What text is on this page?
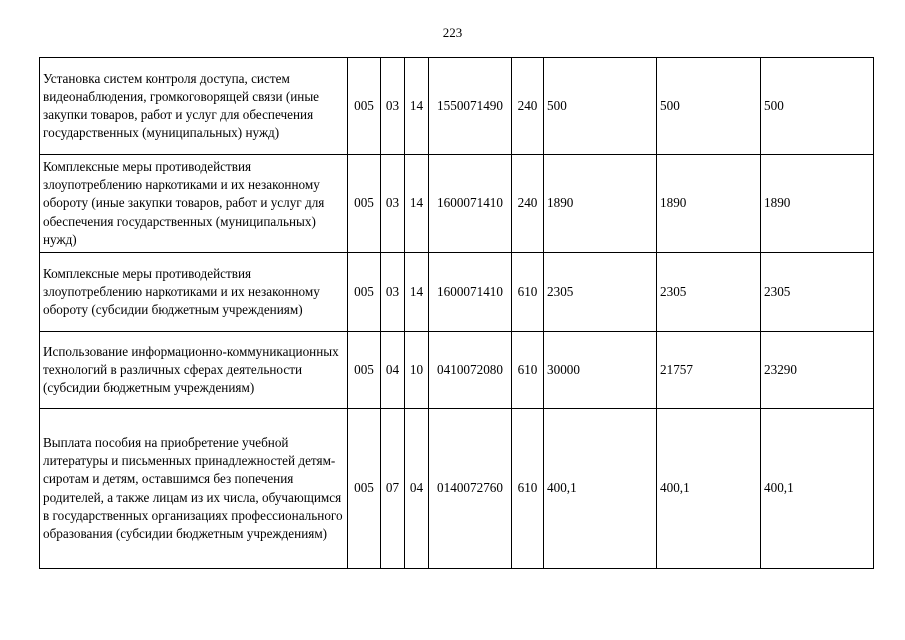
223
Установка систем контроля доступа, систем видеонаблюдения, громкоговорящей связи (иные закупки товаров, работ и услуг для обеспечения государственных (муниципальных) нужд)	005	03	14	1550071490	240	500	500	500
Комплексные меры противодействия злоупотреблению наркотиками и их незаконному обороту (иные закупки товаров, работ и услуг для обеспечения государственных (муниципальных) нужд)	005	03	14	1600071410	240	1890	1890	1890
Комплексные меры противодействия злоупотреблению наркотиками и их незаконному обороту (субсидии бюджетным учреждениям)	005	03	14	1600071410	610	2305	2305	2305
Использование информационно-коммуникационных технологий в различных сферах деятельности (субсидии бюджетным учреждениям)	005	04	10	0410072080	610	30000	21757	23290
Выплата пособия на приобретение учебной литературы и письменных принадлежностей детям-сиротам и детям, оставшимся без попечения родителей, а также лицам из их числа, обучающимся в государственных организациях профессионального образования (субсидии бюджетным учреждениям)	005	07	04	0140072760	610	400,1	400,1	400,1
